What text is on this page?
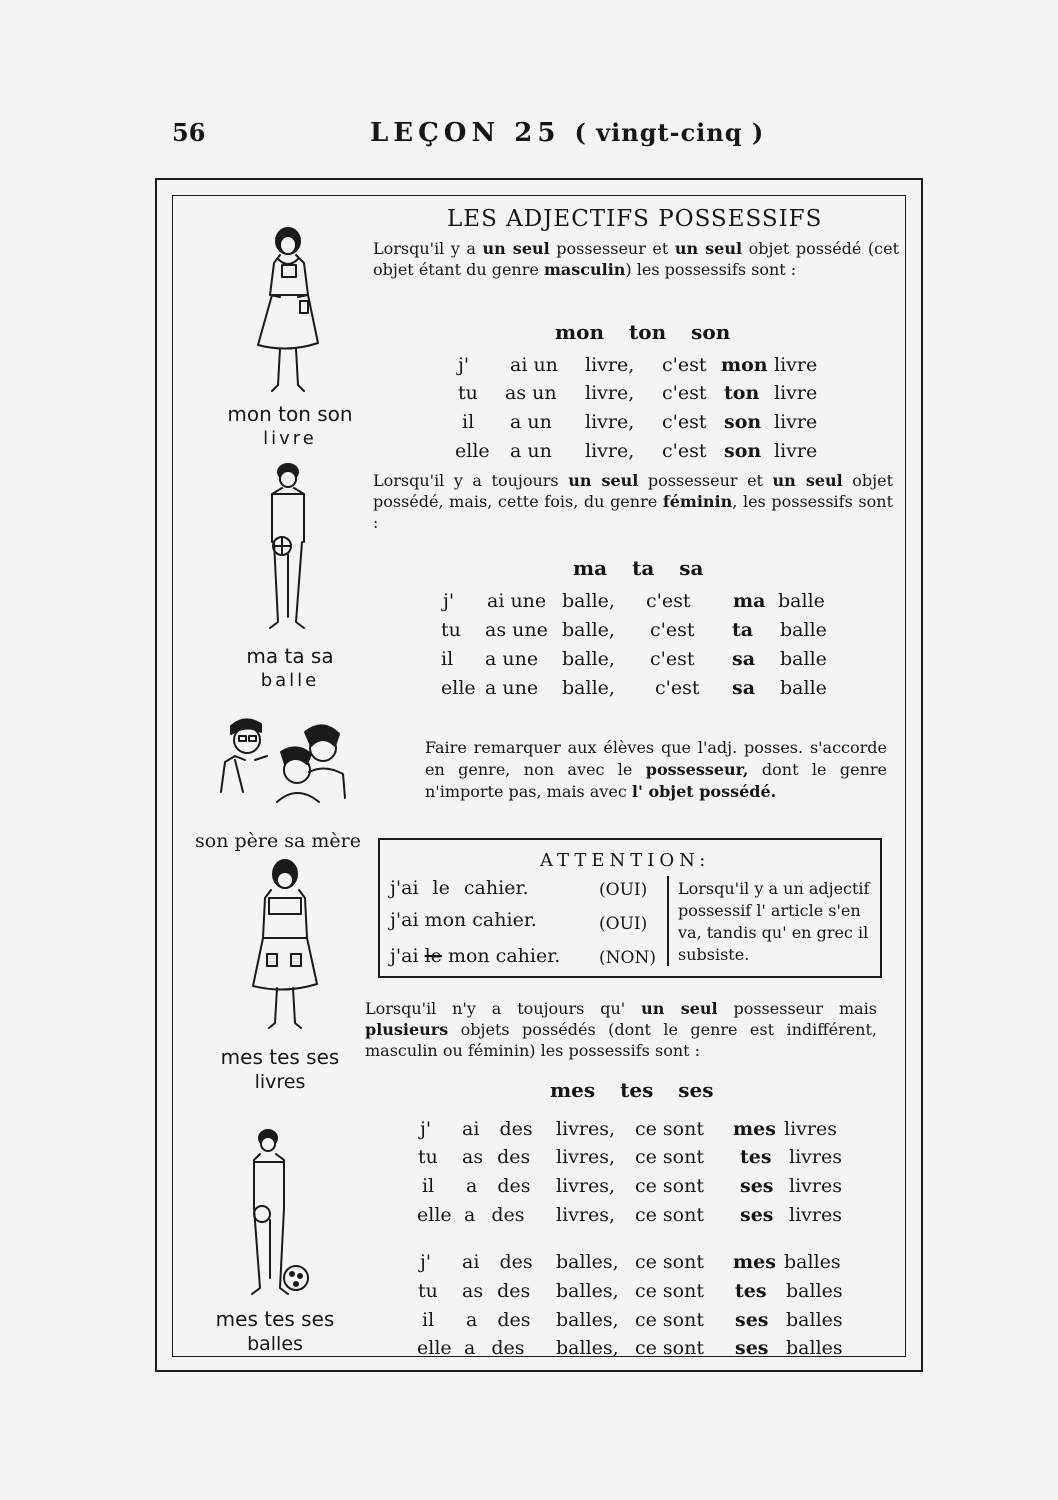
56	LEÇON 25 ( vingt-cinq )
LES ADJECTIFS POSSESSIFS
Lorsqu'il y a un seul possesseur et un seul objet possédé (cet objet étant du genre masculin) les possessifs sont :
mon ton son
j' ai un livre, c'est mon livre
tu as un livre, c'est ton livre
il a un livre, c'est son livre
elle a un livre, c'est son livre
mon ton son
livre
Lorsqu'il y a toujours un seul possesseur et un seul objet possédé, mais, cette fois, du genre féminin, les possessifs sont :
ma ta sa
j' ai une balle, c'est ma balle
tu as une balle, c'est ta balle
il a une balle, c'est sa balle
elle a une balle, c'est sa balle
ma ta sa
balle
Faire remarquer aux élèves que l'adj. posses. s'accorde en genre, non avec le possesseur, dont le genre n'importe pas, mais avec l' objet possédé.
son père sa mère
ATTENTION:
j'ai le cahier.	(OUI)
j'ai mon cahier.	(OUI)
j'ai le mon cahier. (NON)
Lorsqu'il y a un adjectif possessif l' article s'en va, tandis qu' en grec il subsiste.
Lorsqu'il n'y a toujours qu' un seul possesseur mais plusieurs objets possédés (dont le genre est indifférent, masculin ou féminin) les possessifs sont :
mes tes ses
mes tes ses
livres
j' ai des livres, ce sont mes livres
tu as des livres, ce sont tes livres
il a des livres, ce sont ses livres
elle a des livres, ce sont ses livres
j' ai des balles, ce sont mes balles
tu as des balles, ce sont tes balles
il a des balles, ce sont ses balles
elle a des balles, ce sont ses balles
mes tes ses
balles
